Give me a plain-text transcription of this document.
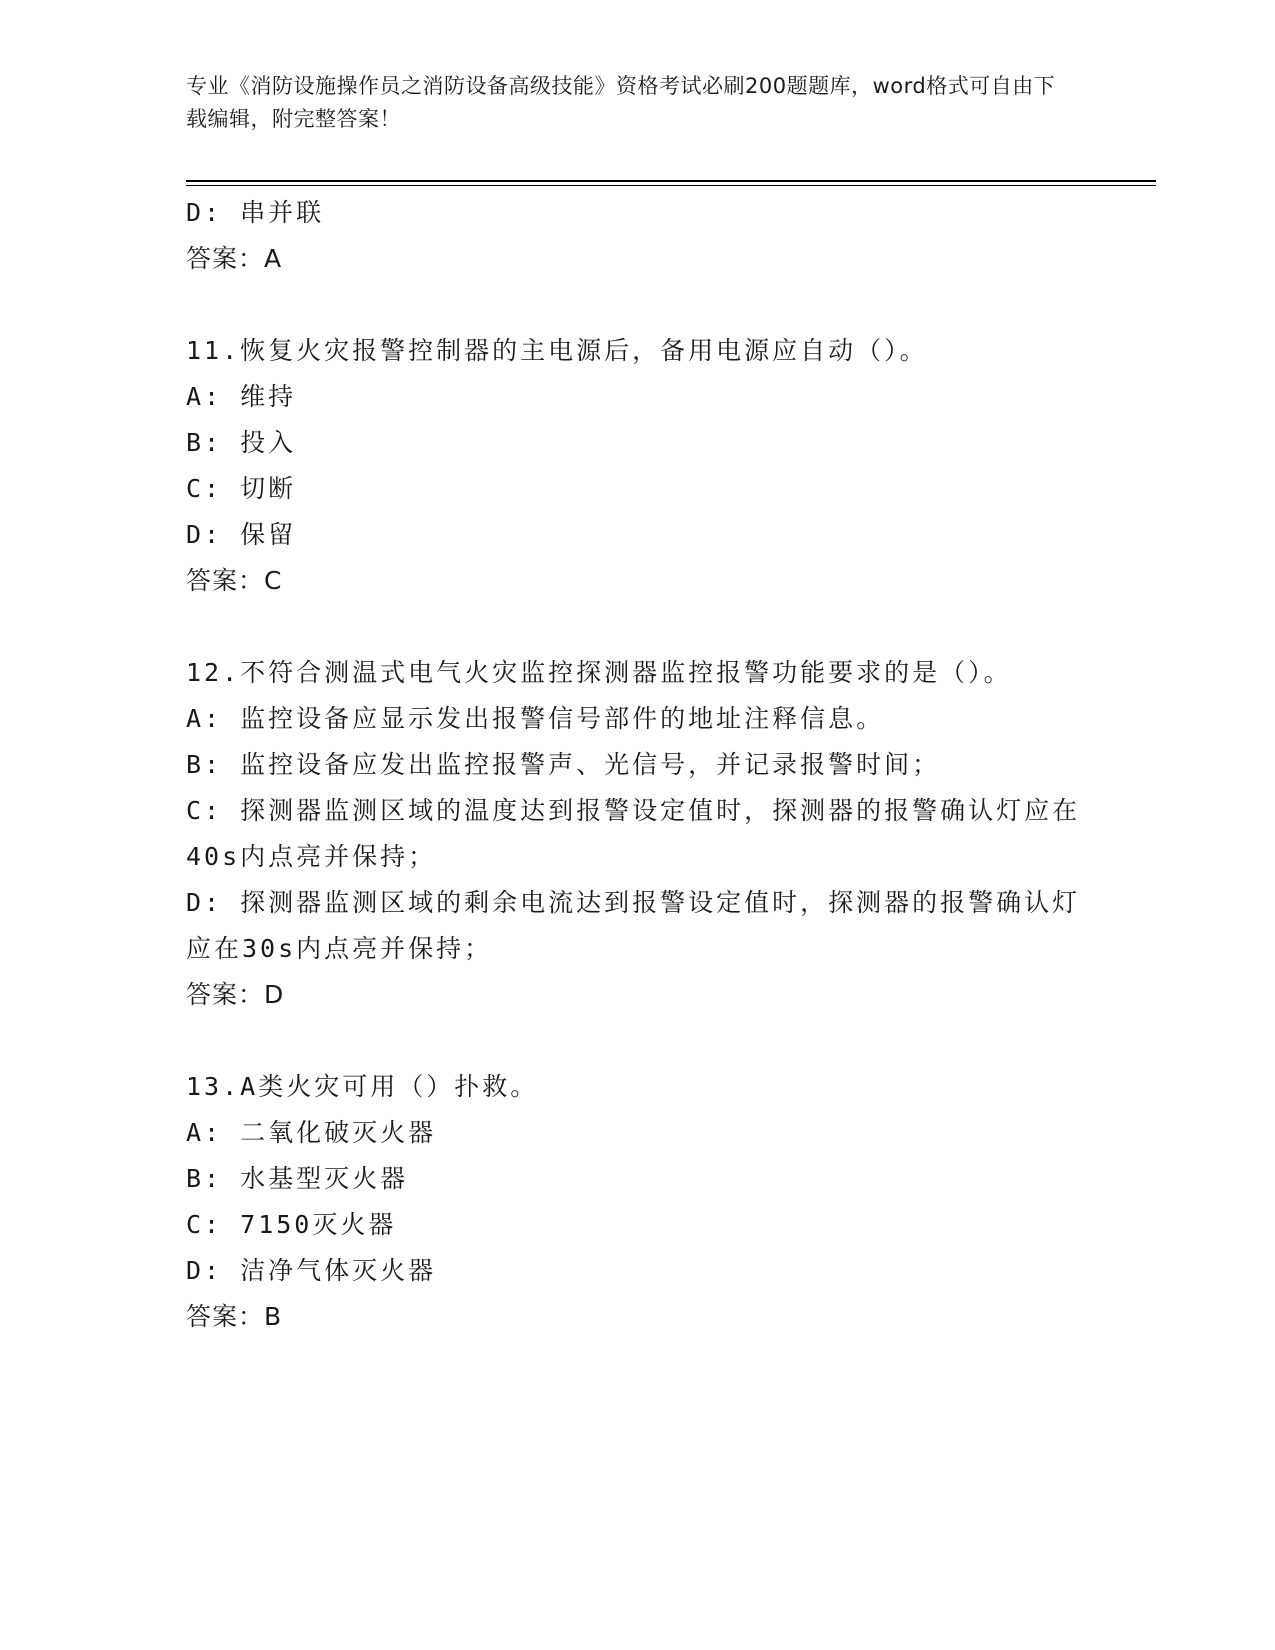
专业《消防设施操作员之消防设备高级技能》资格考试必刷200题题库，word格式可自由下载编辑，附完整答案！

D: 串并联

答案：A

11.恢复火灾报警控制器的主电源后，备用电源应自动（）。

A: 维持

B: 投入

C: 切断

D: 保留

答案：C

12.不符合测温式电气火灾监控探测器监控报警功能要求的是（）。

A: 监控设备应显示发出报警信号部件的地址注释信息。

B: 监控设备应发出监控报警声、光信号，并记录报警时间；

C: 探测器监测区域的温度达到报警设定值时，探测器的报警确认灯应在40s内点亮并保持；

D: 探测器监测区域的剩余电流达到报警设定值时，探测器的报警确认灯应在30s内点亮并保持；

答案：D

13.A类火灾可用（）扑救。

A: 二氧化破灭火器

B: 水基型灭火器

C: 7150灭火器

D: 洁净气体灭火器

答案：B
